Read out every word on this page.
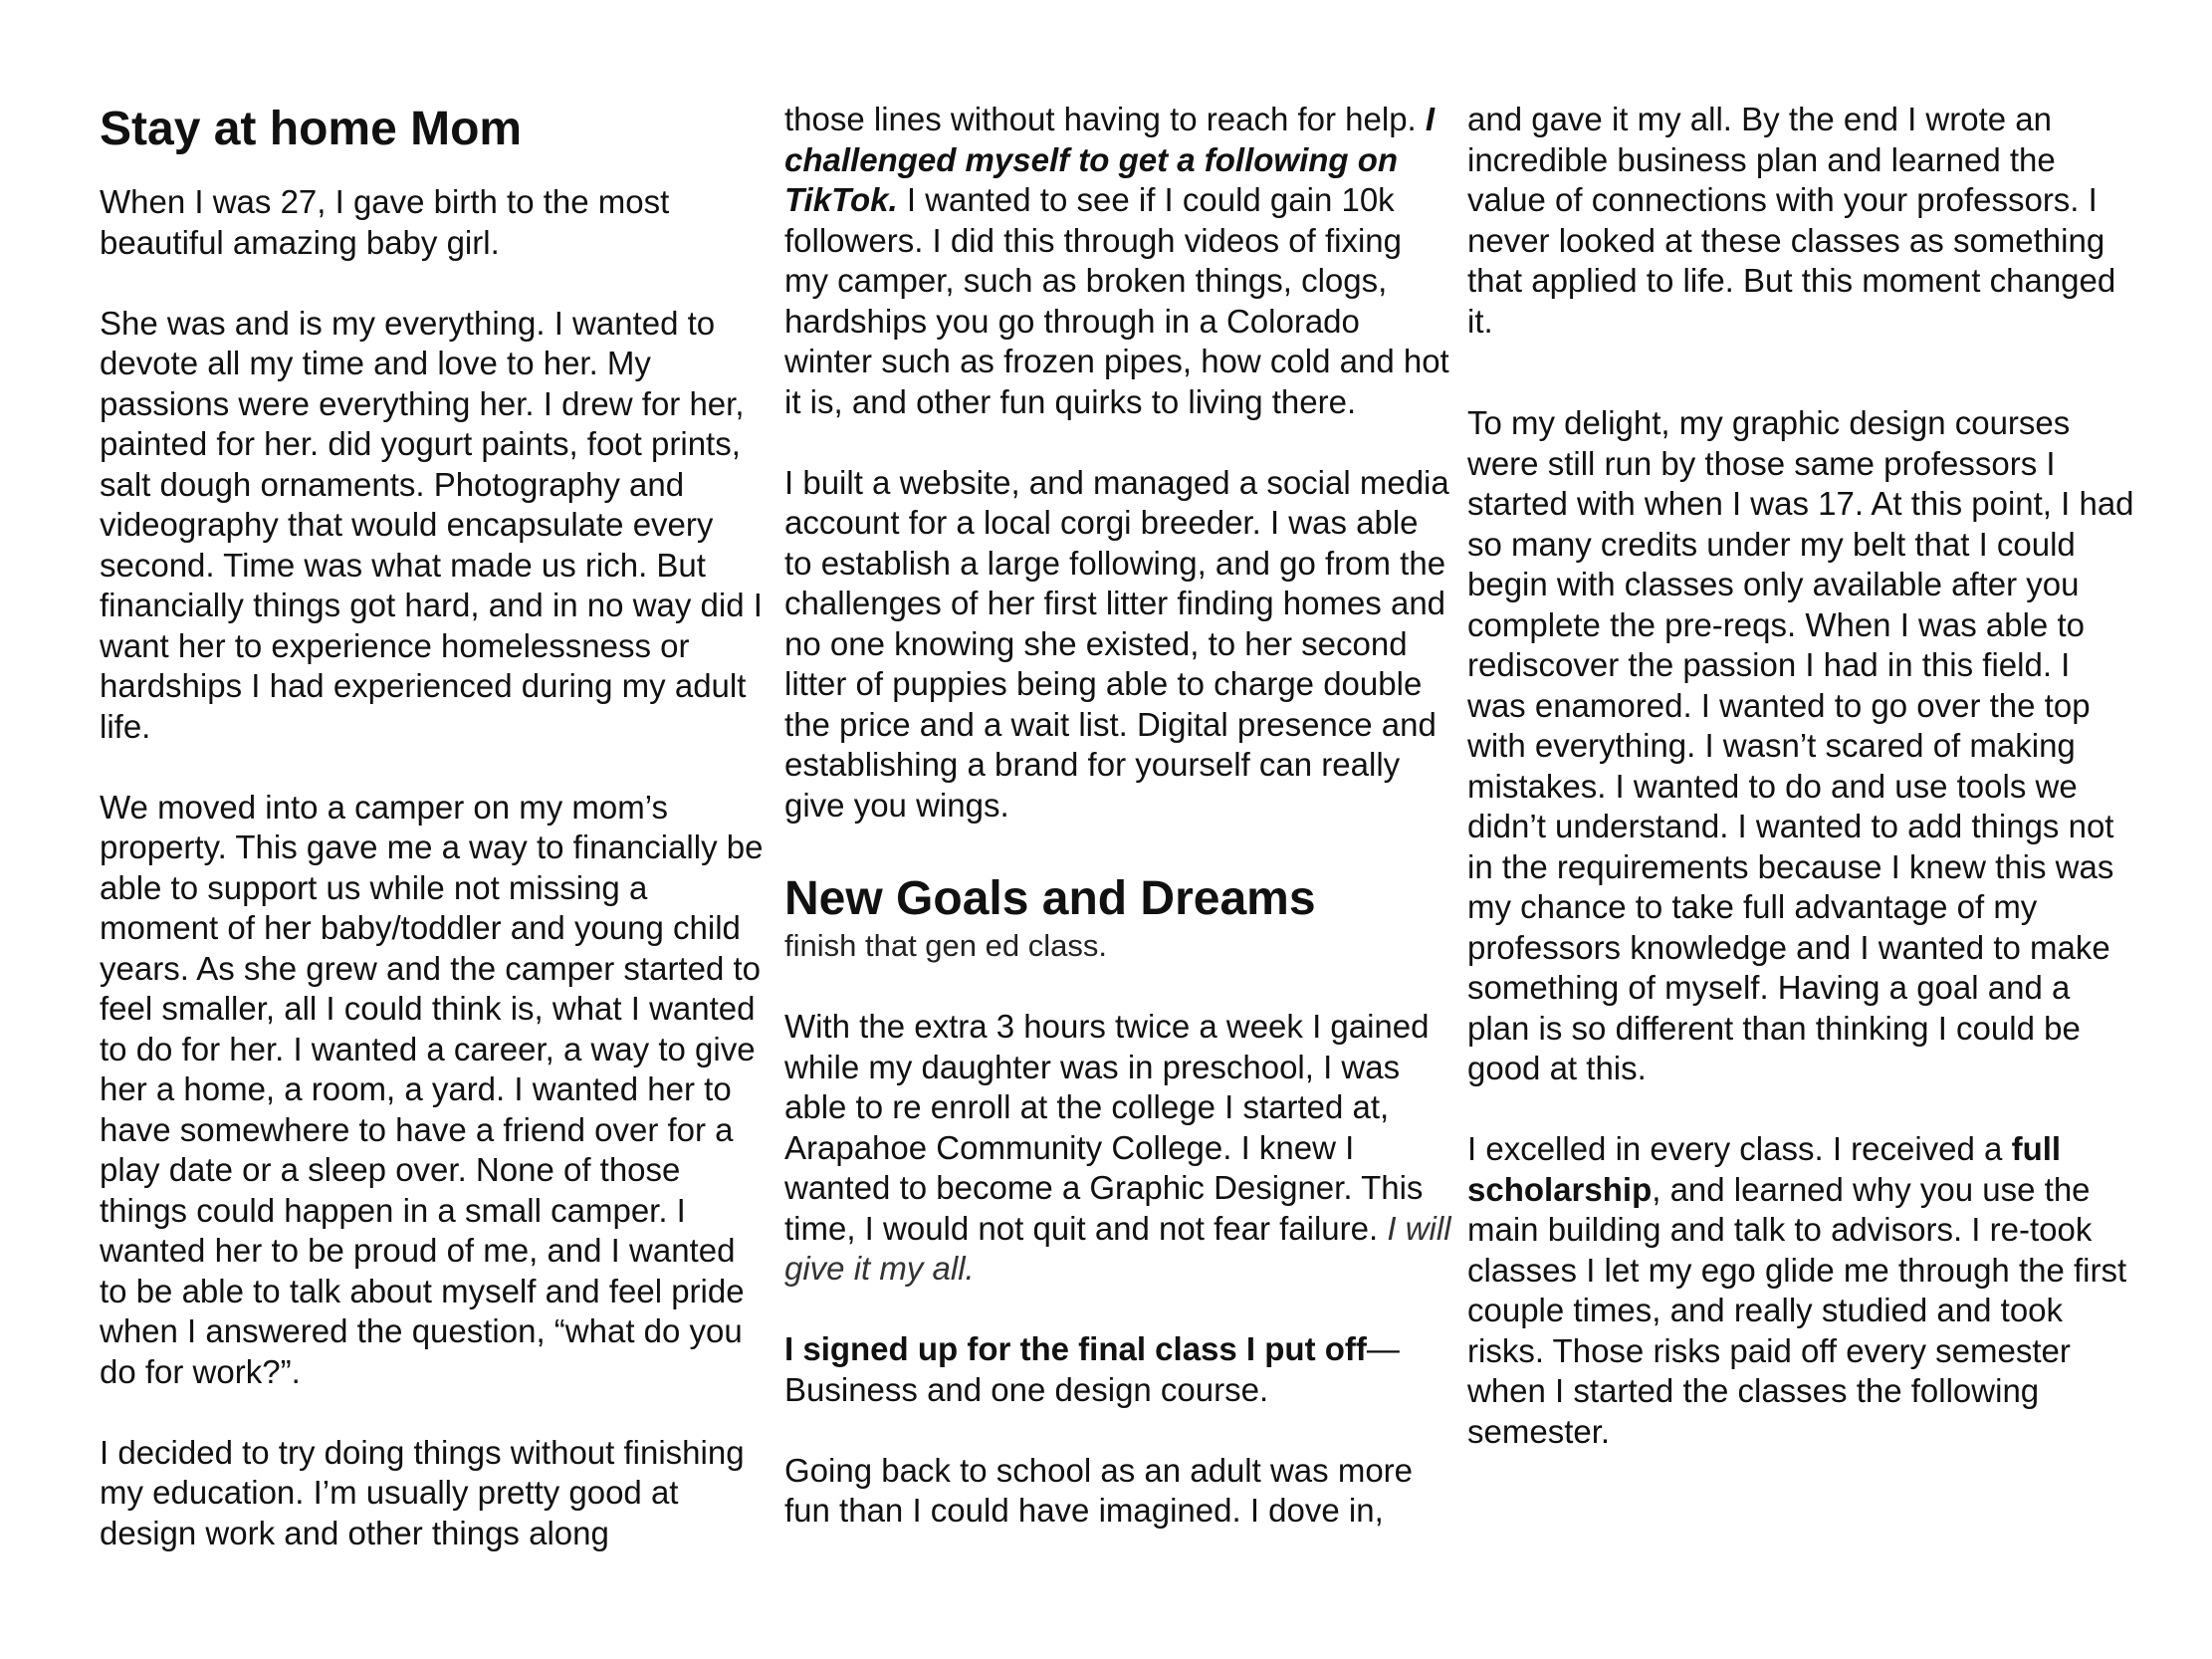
Stay at home Mom

When I was 27, I gave birth to the most beautiful amazing baby girl.

She was and is my everything. I wanted to devote all my time and love to her. My passions were everything her. I drew for her, painted for her. did yogurt paints, foot prints, salt dough ornaments. Photography and videography that would encapsulate every second. Time was what made us rich. But financially things got hard, and in no way did I want her to experience homelessness or hardships I had experienced during my adult life.

We moved into a camper on my mom’s property. This gave me a way to financially be able to support us while not missing a moment of her baby/toddler and young child years. As she grew and the camper started to feel smaller, all I could think is, what I wanted to do for her. I wanted a career, a way to give her a home, a room, a yard. I wanted her to have somewhere to have a friend over for a play date or a sleep over. None of those things could happen in a small camper. I wanted her to be proud of me, and I wanted to be able to talk about myself and feel pride when I answered the question, “what do you do for work?”.

I decided to try doing things without finishing my education. I’m usually pretty good at design work and other things along

those lines without having to reach for help. I challenged myself to get a following on TikTok. I wanted to see if I could gain 10k followers. I did this through videos of fixing my camper, such as broken things, clogs, hardships you go through in a Colorado winter such as frozen pipes, how cold and hot it is, and other fun quirks to living there.

I built a website, and managed a social media account for a local corgi breeder. I was able to establish a large following, and go from the challenges of her first litter finding homes and no one knowing she existed, to her second litter of puppies being able to charge double the price and a wait list. Digital presence and establishing a brand for yourself can really give you wings.

New Goals and Dreams
finish that gen ed class.

With the extra 3 hours twice a week I gained while my daughter was in preschool, I was able to re enroll at the college I started at, Arapahoe Community College. I knew I wanted to become a Graphic Designer. This time, I would not quit and not fear failure. I will give it my all.

I signed up for the final class I put off— Business and one design course.

Going back to school as an adult was more fun than I could have imagined. I dove in,

and gave it my all. By the end I wrote an incredible business plan and learned the value of connections with your professors. I never looked at these classes as something that applied to life. But this moment changed it.

To my delight, my graphic design courses were still run by those same professors I started with when I was 17. At this point, I had so many credits under my belt that I could begin with classes only available after you complete the pre-reqs. When I was able to rediscover the passion I had in this field. I was enamored. I wanted to go over the top with everything. I wasn’t scared of making mistakes. I wanted to do and use tools we didn’t understand. I wanted to add things not in the requirements because I knew this was my chance to take full advantage of my professors knowledge and I wanted to make something of myself. Having a goal and a plan is so different than thinking I could be good at this.

I excelled in every class. I received a full scholarship, and learned why you use the main building and talk to advisors. I re-took classes I let my ego glide me through the first couple times, and really studied and took risks. Those risks paid off every semester when I started the classes the following semester.
